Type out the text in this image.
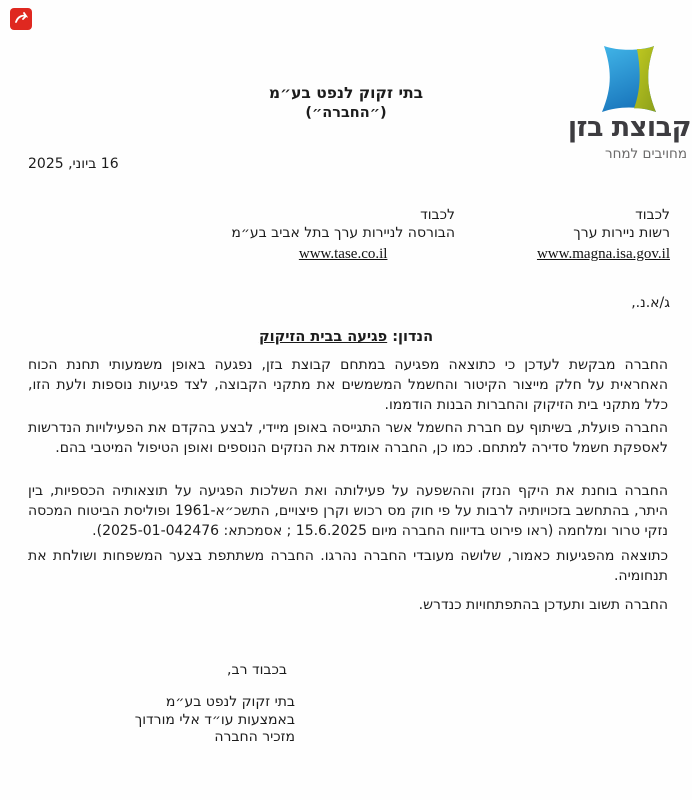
קבוצת בזן
מחויבים למחר
בתי זקוק לנפט בע״מ
(״החברה״)
16 ביוני, 2025
לכבוד
רשות ניירות ערך
www.magna.isa.gov.il
לכבוד
הבורסה לניירות ערך בתל אביב בע״מ
www.tase.co.il
ג/א.נ.,
הנדון: פגיעה בבית הזיקוק
החברה מבקשת לעדכן כי כתוצאה מפגיעה במתחם קבוצת בזן, נפגעה באופן משמעותי תחנת הכוח האחראית על חלק מייצור הקיטור והחשמל המשמשים את מתקני הקבוצה, לצד פגיעות נוספות ולעת הזו, כלל מתקני בית הזיקוק והחברות הבנות הודממו.
החברה פועלת, בשיתוף עם חברת החשמל אשר התגייסה באופן מיידי, לבצע בהקדם את הפעילויות הנדרשות לאספקת חשמל סדירה למתחם. כמו כן, החברה אומדת את הנזקים הנוספים ואופן הטיפול המיטבי בהם.
החברה בוחנת את היקף הנזק וההשפעה על פעילותה ואת השלכות הפגיעה על תוצאותיה הכספיות, בין היתר, בהתחשב בזכויותיה לרבות על פי חוק מס רכוש וקרן פיצויים, התשכ״א-1961 ופוליסת הביטוח המכסה נזקי טרור ומלחמה (ראו פירוט בדיווח החברה מיום 15.6.2025 ; אסמכתא: 2025-01-042476).
כתוצאה מהפגיעות כאמור, שלושה מעובדי החברה נהרגו. החברה משתתפת בצער המשפחות ושולחת את תנחומיה.
החברה תשוב ותעדכן בהתפתחויות כנדרש.
בכבוד רב,
בתי זקוק לנפט בע״מ
באמצעות עו״ד אלי מורדוך
מזכיר החברה
